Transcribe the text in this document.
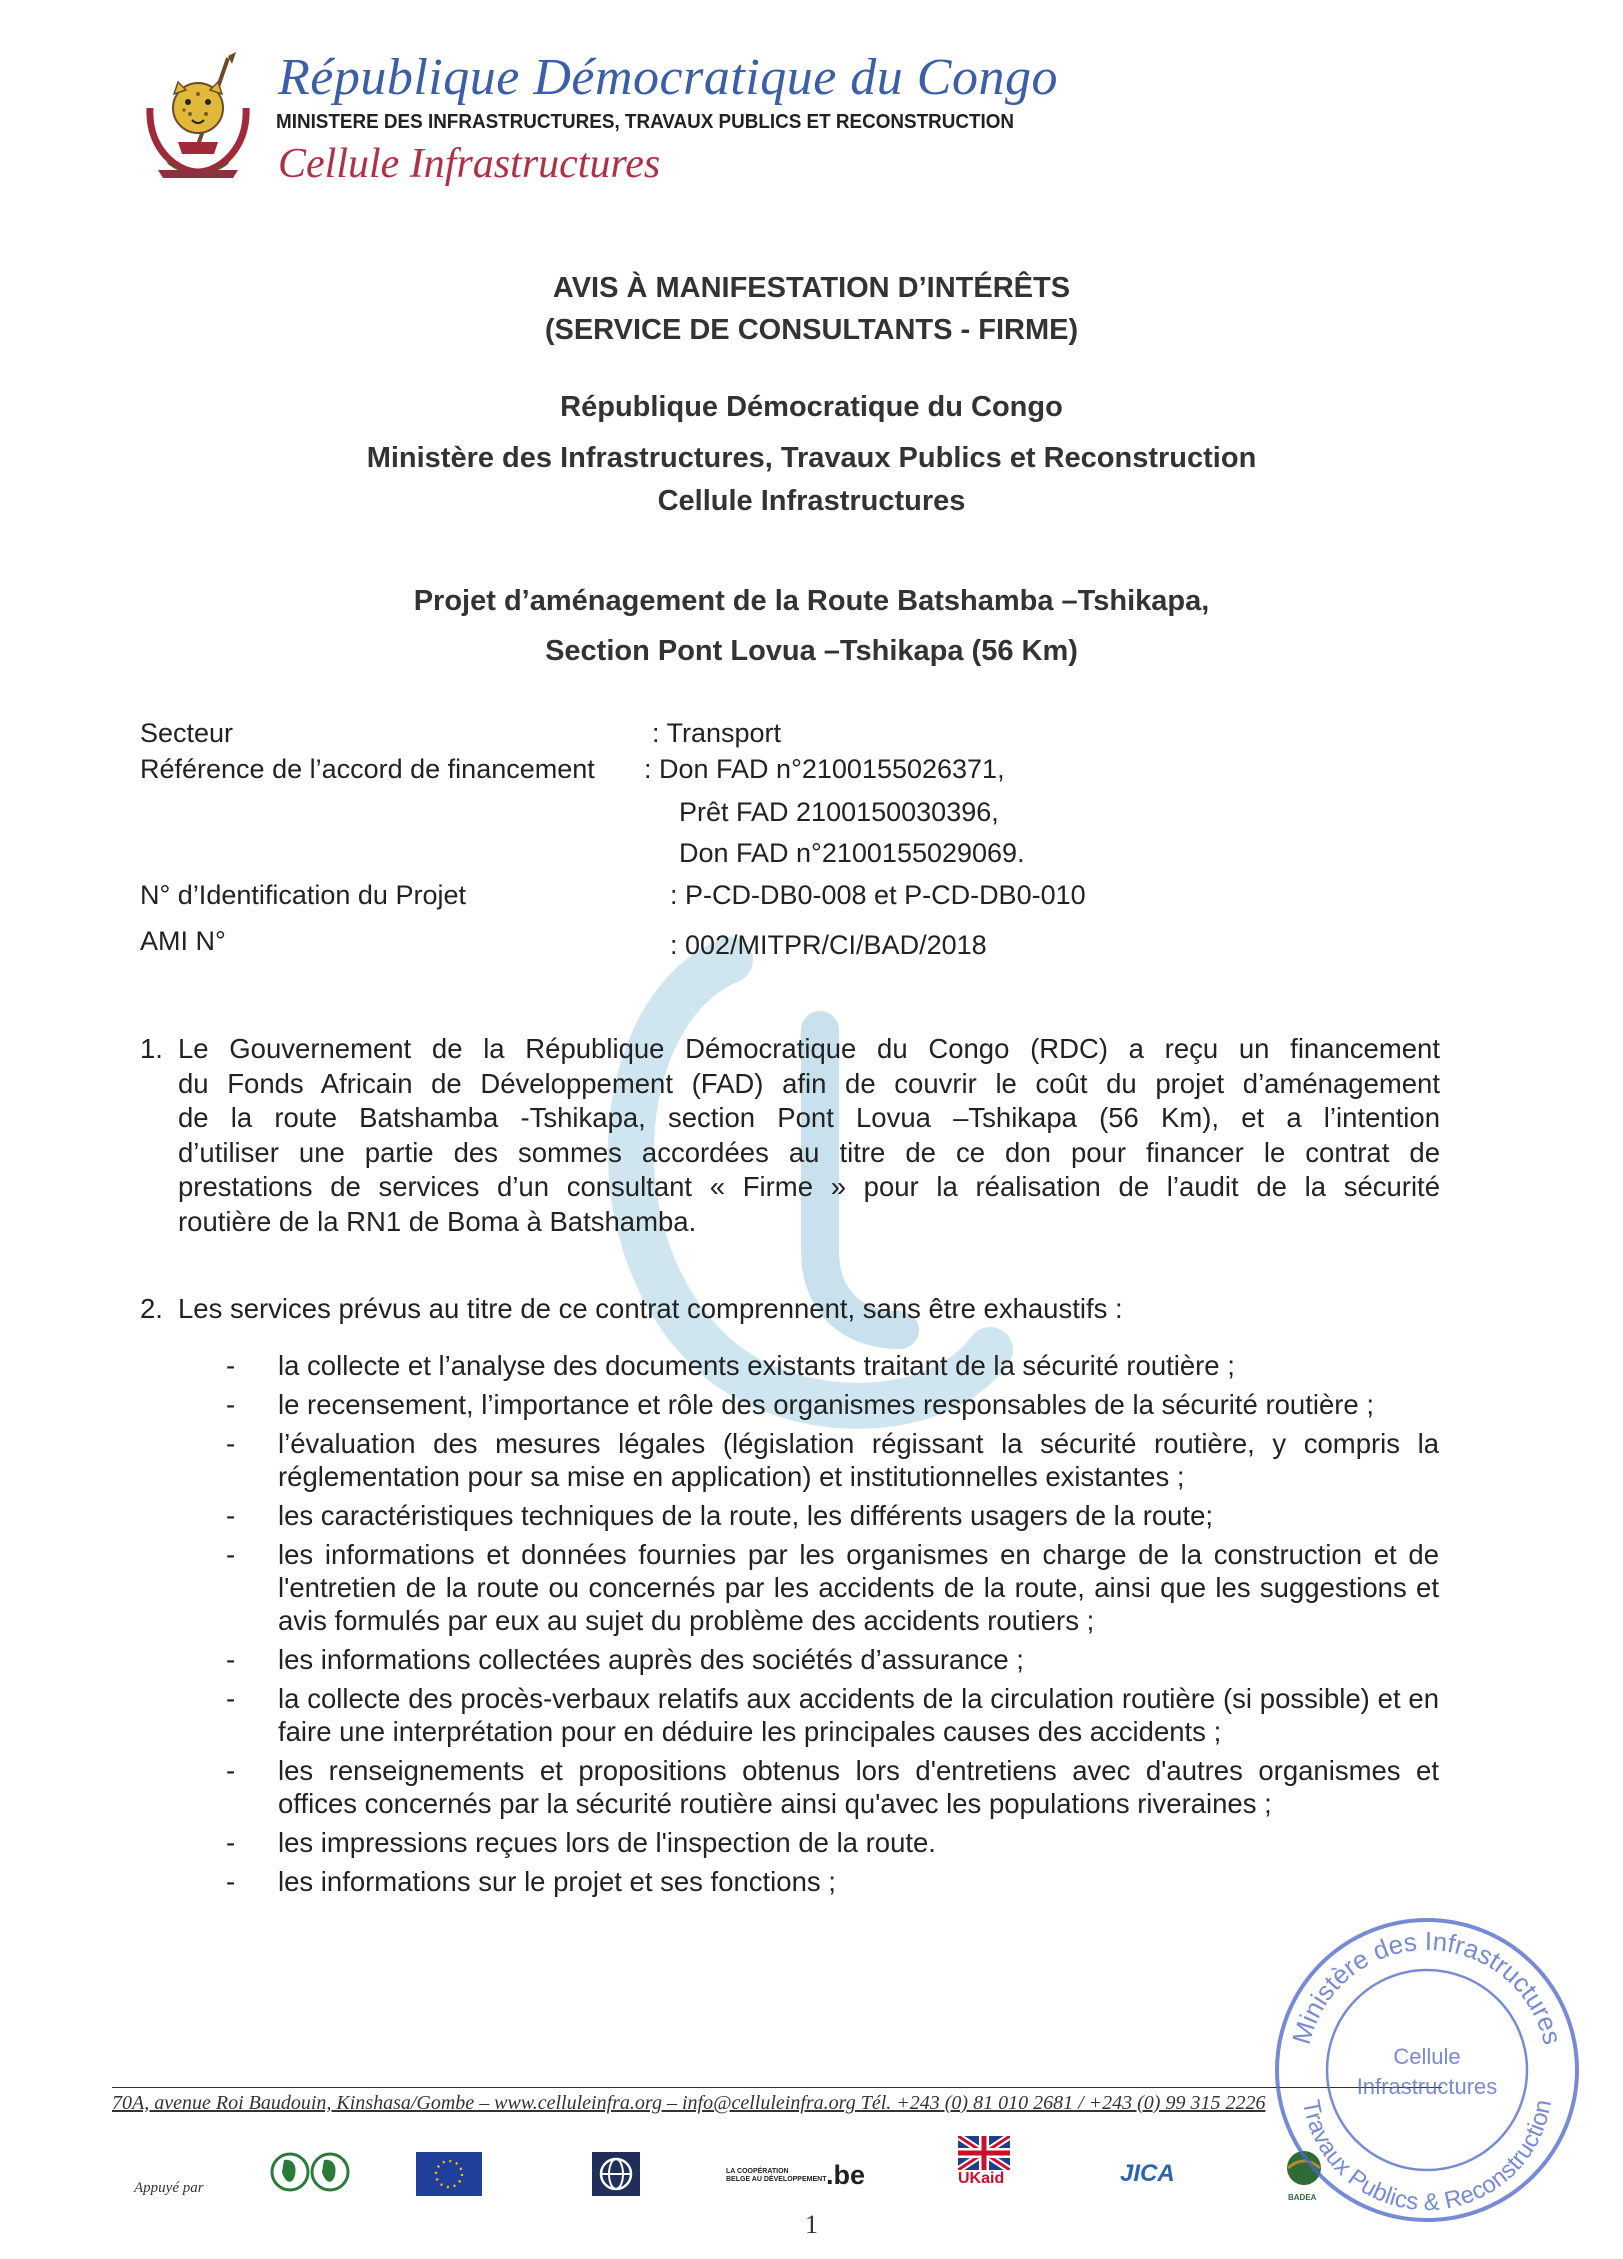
République Démocratique du Congo
MINISTERE DES INFRASTRUCTURES, TRAVAUX PUBLICS ET RECONSTRUCTION
Cellule Infrastructures
AVIS À MANIFESTATION D’INTÉRÊTS
(SERVICE DE CONSULTANTS - FIRME)
République Démocratique du Congo
Ministère des Infrastructures, Travaux Publics et Reconstruction
Cellule Infrastructures
Projet d’aménagement de la Route Batshamba –Tshikapa,
Section Pont Lovua –Tshikapa (56 Km)
Secteur	: Transport
Référence de l’accord de financement : Don FAD n°2100155026371,
Prêt FAD 2100150030396,
Don FAD n°2100155029069.
N° d’Identification du Projet	: P-CD-DB0-008 et P-CD-DB0-010
AMI N°	: 002/MITPR/CI/BAD/2018
1. Le Gouvernement de la République Démocratique du Congo (RDC) a reçu un financement
du Fonds Africain de Développement (FAD) afin de couvrir le coût du projet d’aménagement
de la route Batshamba -Tshikapa, section Pont Lovua –Tshikapa (56 Km), et a l’intention
d’utiliser une partie des sommes accordées au titre de ce don pour financer le contrat de
prestations de services d’un consultant « Firme » pour la réalisation de l’audit de la sécurité
routière de la RN1 de Boma à Batshamba.
2. Les services prévus au titre de ce contrat comprennent, sans être exhaustifs :
- la collecte et l’analyse des documents existants traitant de la sécurité routière ;
- le recensement, l’importance et rôle des organismes responsables de la sécurité routière ;
- l’évaluation des mesures légales (législation régissant la sécurité routière, y compris la réglementation pour sa mise en application) et institutionnelles existantes ;
- les caractéristiques techniques de la route, les différents usagers de la route;
- les informations et données fournies par les organismes en charge de la construction et de l'entretien de la route ou concernés par les accidents de la route, ainsi que les suggestions et avis formulés par eux au sujet du problème des accidents routiers ;
- les informations collectées auprès des sociétés d’assurance ;
- la collecte des procès-verbaux relatifs aux accidents de la circulation routière (si possible) et en faire une interprétation pour en déduire les principales causes des accidents ;
- les renseignements et propositions obtenus lors d'entretiens avec d'autres organismes et offices concernés par la sécurité routière ainsi qu'avec les populations riveraines ;
- les impressions reçues lors de l'inspection de la route.
- les informations sur le projet et ses fonctions ;
70A, avenue Roi Baudouin, Kinshasa/Gombe – www.celluleinfra.org – info@celluleinfra.org Tél. +243 (0) 81 010 2681 / +243 (0) 99 315 2226
Appuyé par
LA COOPÉRATION
BELGE AU DÉVELOPPEMENT .be	UKaid	JICA
BADEA
1
Ministère des Infrastructures
Travaux Publics & Reconstruction
Cellule
Infrastructures
